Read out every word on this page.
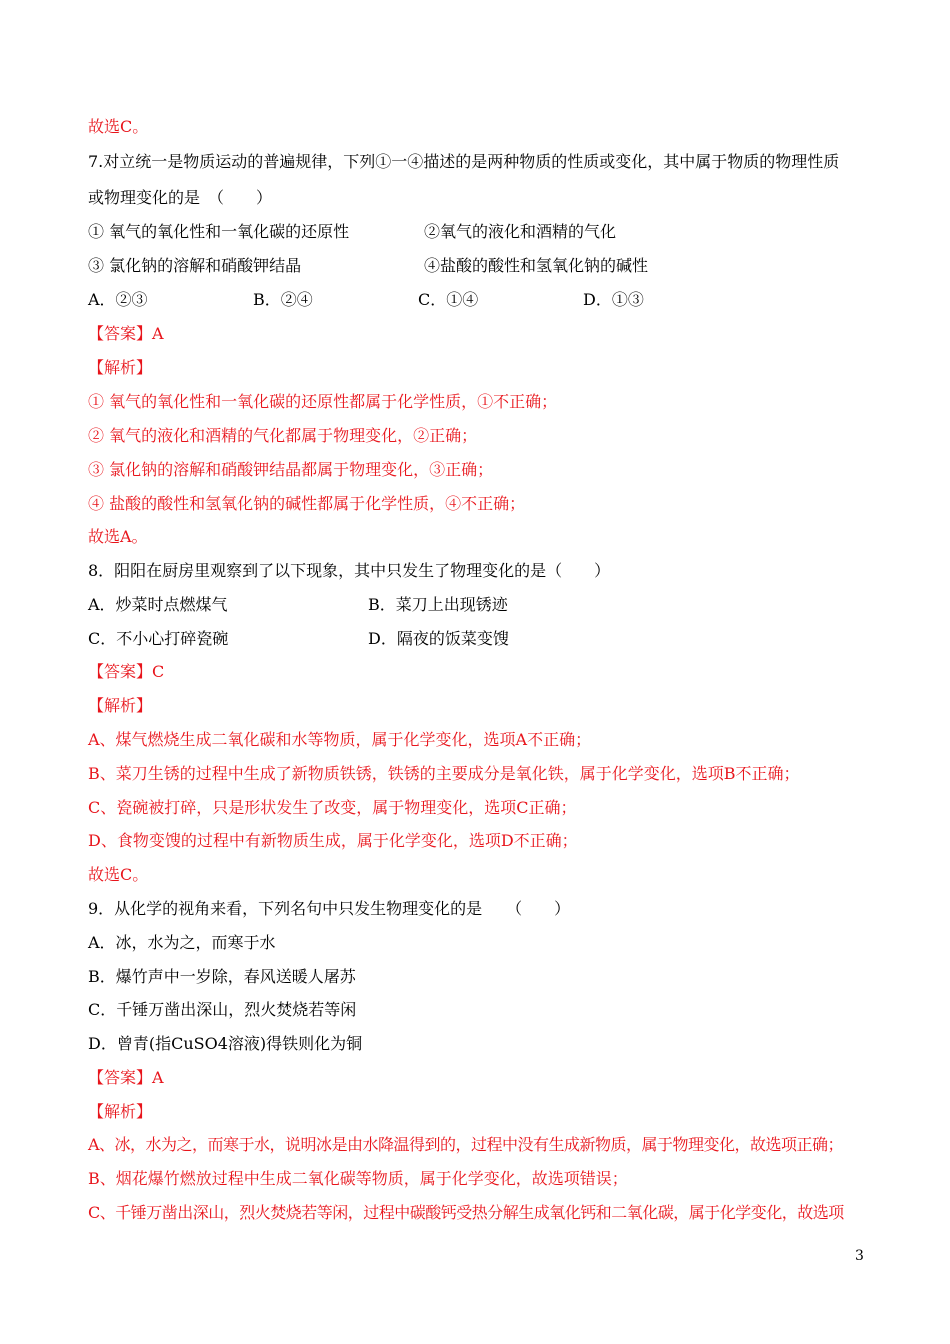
故选C。
7.对立统一是物质运动的普遍规律，下列①一④描述的是两种物质的性质或变化，其中属于物质的物理性质
或物理变化的是　（　　）
① 氧气的氧化性和一氧化碳的还原性	②氧气的液化和酒精的气化
③ 氯化钠的溶解和硝酸钾结晶	④盐酸的酸性和氢氧化钠的碱性
A．②③	B．②④	C．①④	D．①③
【答案】A
【解析】
① 氧气的氧化性和一氧化碳的还原性都属于化学性质，①不正确；
② 氧气的液化和酒精的气化都属于物理变化，②正确；
③ 氯化钠的溶解和硝酸钾结晶都属于物理变化，③正确；
④ 盐酸的酸性和氢氧化钠的碱性都属于化学性质，④不正确；
故选A。
8．阳阳在厨房里观察到了以下现象，其中只发生了物理变化的是（　　）
A．炒菜时点燃煤气	B．菜刀上出现锈迹
C．不小心打碎瓷碗	D．隔夜的饭菜变馊
【答案】C
【解析】
A、煤气燃烧生成二氧化碳和水等物质，属于化学变化，选项A不正确；
B、菜刀生锈的过程中生成了新物质铁锈，铁锈的主要成分是氧化铁，属于化学变化，选项B不正确；
C、瓷碗被打碎，只是形状发生了改变，属于物理变化，选项C正确；
D、食物变馊的过程中有新物质生成，属于化学变化，选项D不正确；
故选C。
9．从化学的视角来看，下列名句中只发生物理变化的是　　（　　）
A．冰，水为之，而寒于水
B．爆竹声中一岁除，春风送暖人屠苏
C．千锤万凿出深山，烈火焚烧若等闲
D．曾青(指CuSO4溶液)得铁则化为铜
【答案】A
【解析】
A、冰，水为之，而寒于水，说明冰是由水降温得到的，过程中没有生成新物质，属于物理变化，故选项正确；
B、烟花爆竹燃放过程中生成二氧化碳等物质，属于化学变化，故选项错误；
C、千锤万凿出深山，烈火焚烧若等闲，过程中碳酸钙受热分解生成氧化钙和二氧化碳，属于化学变化，故选项
3
